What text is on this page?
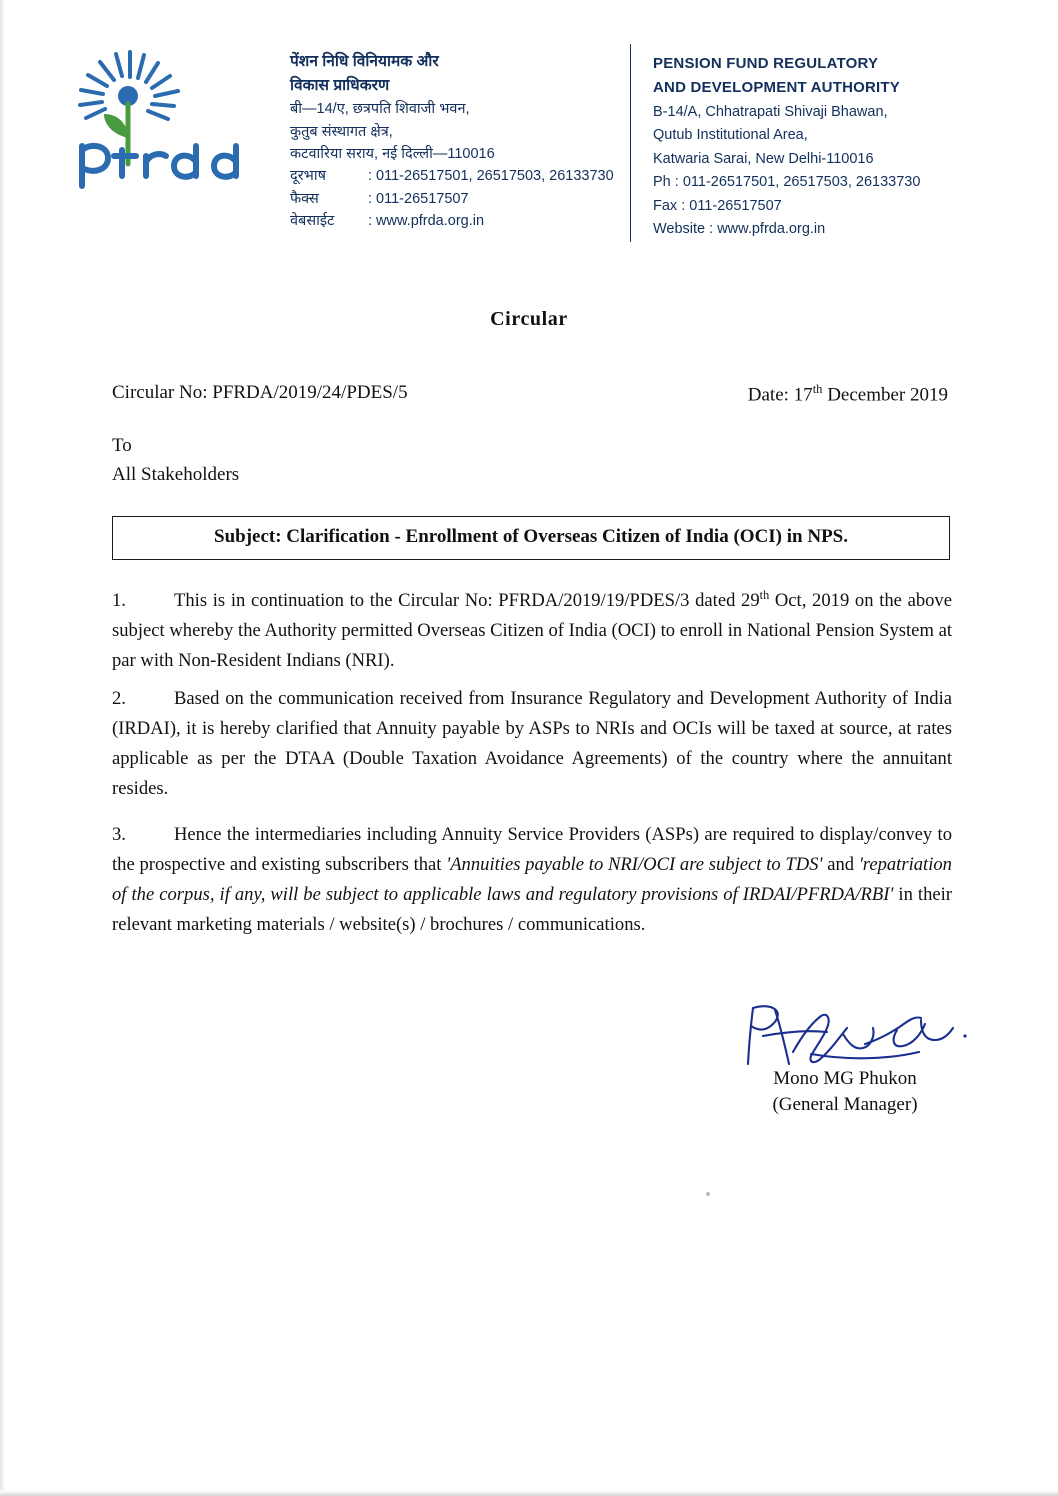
पेंशन निधि विनियामक और
विकास प्राधिकरण
बी—14/ए, छत्रपति शिवाजी भवन,
कुतुब संस्थागत क्षेत्र,
कटवारिया सराय, नई दिल्ली—110016
दूरभाष	: 011-26517501, 26517503, 26133730
फैक्स	: 011-26517507
वेबसाईट	: www.pfrda.org.in
PENSION FUND REGULATORY
AND DEVELOPMENT AUTHORITY
B-14/A, Chhatrapati Shivaji Bhawan,
Qutub Institutional Area,
Katwaria Sarai, New Delhi-110016
Ph : 011-26517501, 26517503, 26133730
Fax : 011-26517507
Website : www.pfrda.org.in
Circular
Circular No: PFRDA/2019/24/PDES/5	Date: 17th December 2019
To
All Stakeholders
Subject: Clarification - Enrollment of Overseas Citizen of India (OCI) in NPS.
1.	This is in continuation to the Circular No: PFRDA/2019/19/PDES/3 dated 29th Oct, 2019 on the above subject whereby the Authority permitted Overseas Citizen of India (OCI) to enroll in National Pension System at par with Non-Resident Indians (NRI).
2.	Based on the communication received from Insurance Regulatory and Development Authority of India (IRDAI), it is hereby clarified that Annuity payable by ASPs to NRIs and OCIs will be taxed at source, at rates applicable as per the DTAA (Double Taxation Avoidance Agreements) of the country where the annuitant resides.
3.	Hence the intermediaries including Annuity Service Providers (ASPs) are required to display/convey to the prospective and existing subscribers that 'Annuities payable to NRI/OCI are subject to TDS' and 'repatriation of the corpus, if any, will be subject to applicable laws and regulatory provisions of IRDAI/PFRDA/RBI' in their relevant marketing materials / website(s) / brochures / communications.
Mono MG Phukon
(General Manager)
